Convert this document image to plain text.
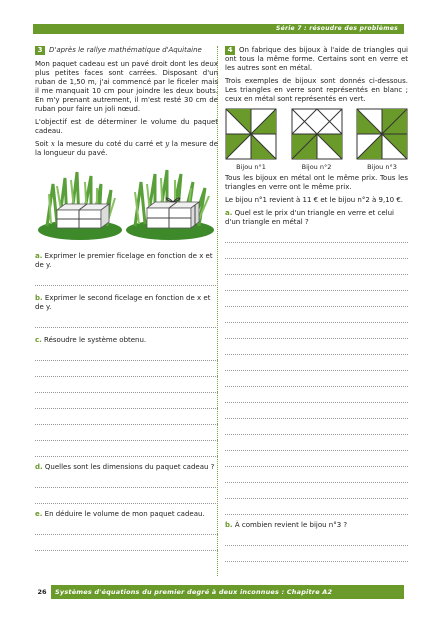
Série 7 : résoudre des problèmes
3 D'après le rallye mathématique d'Aquitaine

Mon paquet cadeau est un pavé droit dont les deux plus petites faces sont carrées. Disposant d'un ruban de 1,50 m, j'ai commencé par le ficeler mais il me manquait 10 cm pour joindre les deux bouts. En m'y prenant autrement, il m'est resté 30 cm de ruban pour faire un joli nœud.

L'objectif est de déterminer le volume du paquet cadeau.

Soit x la mesure du coté du carré et y la mesure de la longueur du pavé.

a. Exprimer le premier ficelage en fonction de x et de y.
b. Exprimer le second ficelage en fonction de x et de y.
c. Résoudre le système obtenu.
d. Quelles sont les dimensions du paquet cadeau ?
e. En déduire le volume de mon paquet cadeau.

4 On fabrique des bijoux à l'aide de triangles qui ont tous la même forme. Certains sont en verre et les autres sont en métal.

Trois exemples de bijoux sont donnés ci-dessous. Les triangles en verre sont représentés en blanc ; ceux en métal sont représentés en vert.

Bijou n°1	Bijou n°2	Bijou n°3

Tous les bijoux en métal ont le même prix. Tous les triangles en verre ont le même prix.

Le bijou n°1 revient à 11 € et le bijou n°2 à 9,10 €.

a. Quel est le prix d'un triangle en verre et celui d'un triangle en métal ?
b. À combien revient le bijou n°3 ?
26 Systèmes d'équations du premier degré à deux inconnues : Chapitre A2
